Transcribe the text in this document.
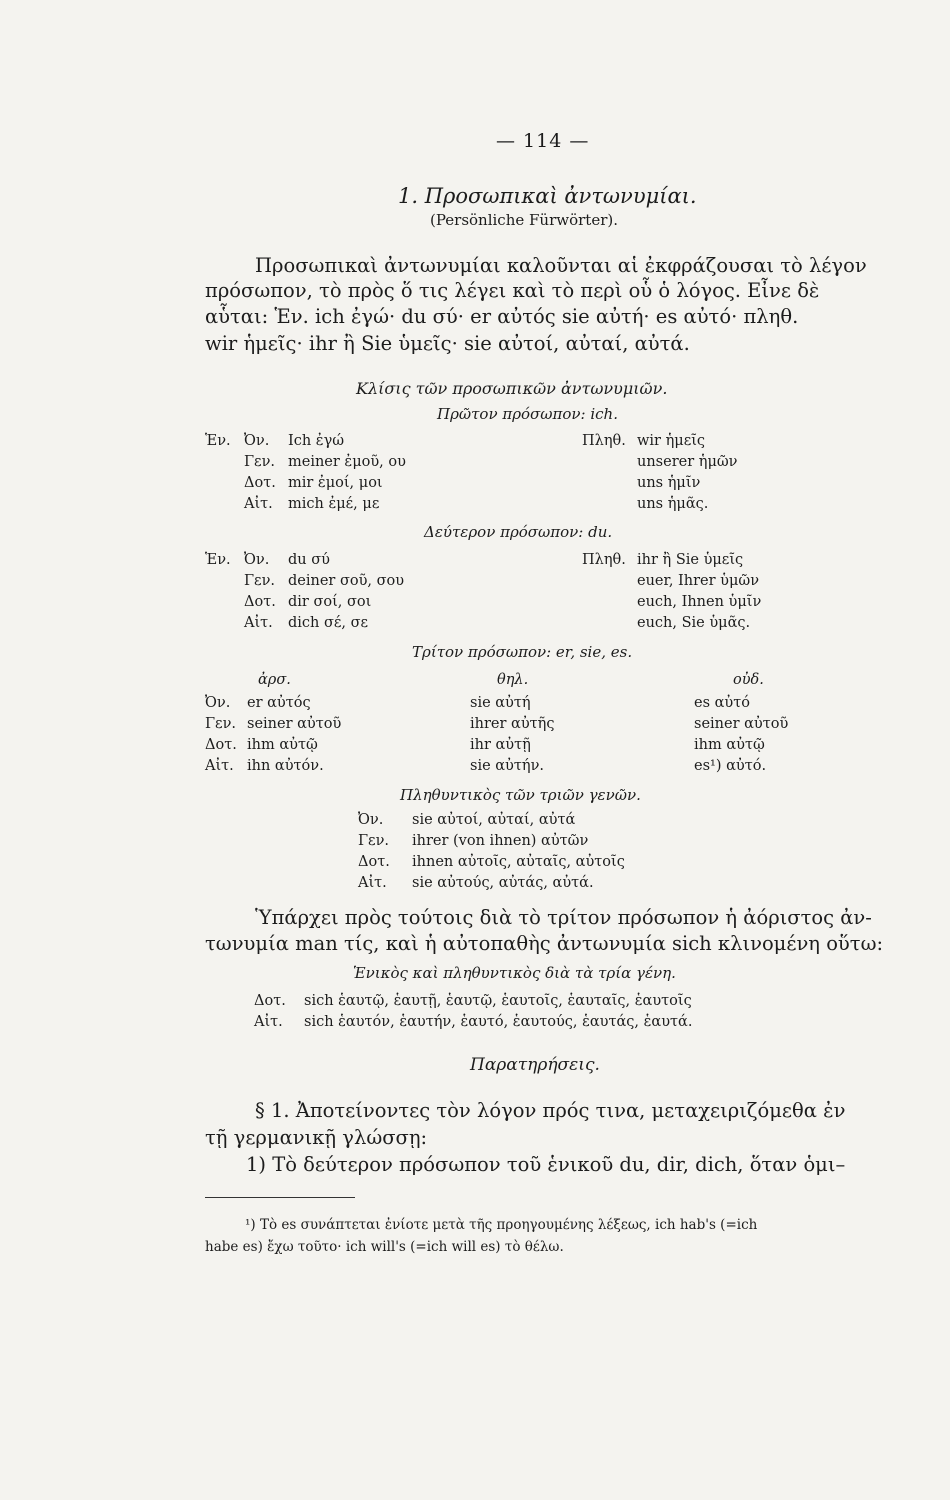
— 114 —
1. Προσωπικαὶ ἀντωνυμίαι.
(Persönliche Fürwörter).
Προσωπικαὶ ἀντωνυμίαι καλοῦνται αἱ ἐκφράζουσαι τὸ λέγον
πρόσωπον, τὸ πρὸς ὅ τις λέγει καὶ τὸ περὶ οὗ ὁ λόγος. Εἶνε δὲ
αὗται: Ἑν. ich ἐγώ· du σύ· er αὐτός sie αὐτή· es αὐτό· πληθ.
wir ἡμεῖς· ihr ἢ Sie ὑμεῖς· sie αὐτοί, αὐταί, αὐτά.
Κλίσις τῶν προσωπικῶν ἀντωνυμιῶν.
Πρῶτον πρόσωπον: ich.
Ἑν.	Πληθ.
Ὀν. Ich ἐγώ	wir ἡμεῖς
Γεν. meiner ἐμοῦ, ου	unserer ἡμῶν
Δοτ. mir ἐμοί, μοι	uns ἡμῖν
Αἰτ. mich ἐμέ, με	uns ἡμᾶς.
Δεύτερον πρόσωπον: du.
Ἑν.	Πληθ.
Ὀν. du σύ	ihr ἢ Sie ὑμεῖς
Γεν. deiner σοῦ, σου	euer, Ihrer ὑμῶν
Δοτ. dir σοί, σοι	euch, Ihnen ὑμῖν
Αἰτ. dich σέ, σε	euch, Sie ὑμᾶς.
Τρίτον πρόσωπον: er, sie, es.
ἀρσ.	θηλ.	οὐδ.
Ὀν. er αὐτός	sie αὐτή	es αὐτό
Γεν. seiner αὐτοῦ	ihrer αὐτῆς	seiner αὐτοῦ
Δοτ. ihm αὐτῷ	ihr αὐτῇ	ihm αὐτῷ
Αἰτ. ihn αὐτόν.	sie αὐτήν.	es¹) αὐτό.
Πληθυντικὸς τῶν τριῶν γενῶν.
Ὀν. sie αὐτοί, αὐταί, αὐτά
Γεν. ihrer (von ihnen) αὐτῶν
Δοτ. ihnen αὐτοῖς, αὐταῖς, αὐτοῖς
Αἰτ. sie αὐτούς, αὐτάς, αὐτά.
Ὑπάρχει πρὸς τούτοις διὰ τὸ τρίτον πρόσωπον ἡ ἀόριστος ἀν-
τωνυμία man τίς, καὶ ἡ αὐτοπαθὴς ἀντωνυμία sich κλινομένη οὕτω:
Ἑνικὸς καὶ πληθυντικὸς διὰ τὰ τρία γένη.
Δοτ. sich ἑαυτῷ, ἑαυτῇ, ἑαυτῷ, ἑαυτοῖς, ἑαυταῖς, ἑαυτοῖς
Αἰτ. sich ἑαυτόν, ἑαυτήν, ἑαυτό, ἑαυτούς, ἑαυτάς, ἑαυτά.
Παρατηρήσεις.
§ 1. Ἀποτείνοντες τὸν λόγον πρός τινα, μεταχειριζόμεθα ἐν
τῇ γερμανικῇ γλώσσῃ:
1) Τὸ δεύτερον πρόσωπον τοῦ ἑνικοῦ du, dir, dich, ὅταν ὁμι–
¹) Τὸ es συνάπτεται ἐνίοτε μετὰ τῆς προηγουμένης λέξεως, ich hab's (=ich
habe es) ἔχω τοῦτο· ich will's (=ich will es) τὸ θέλω.
